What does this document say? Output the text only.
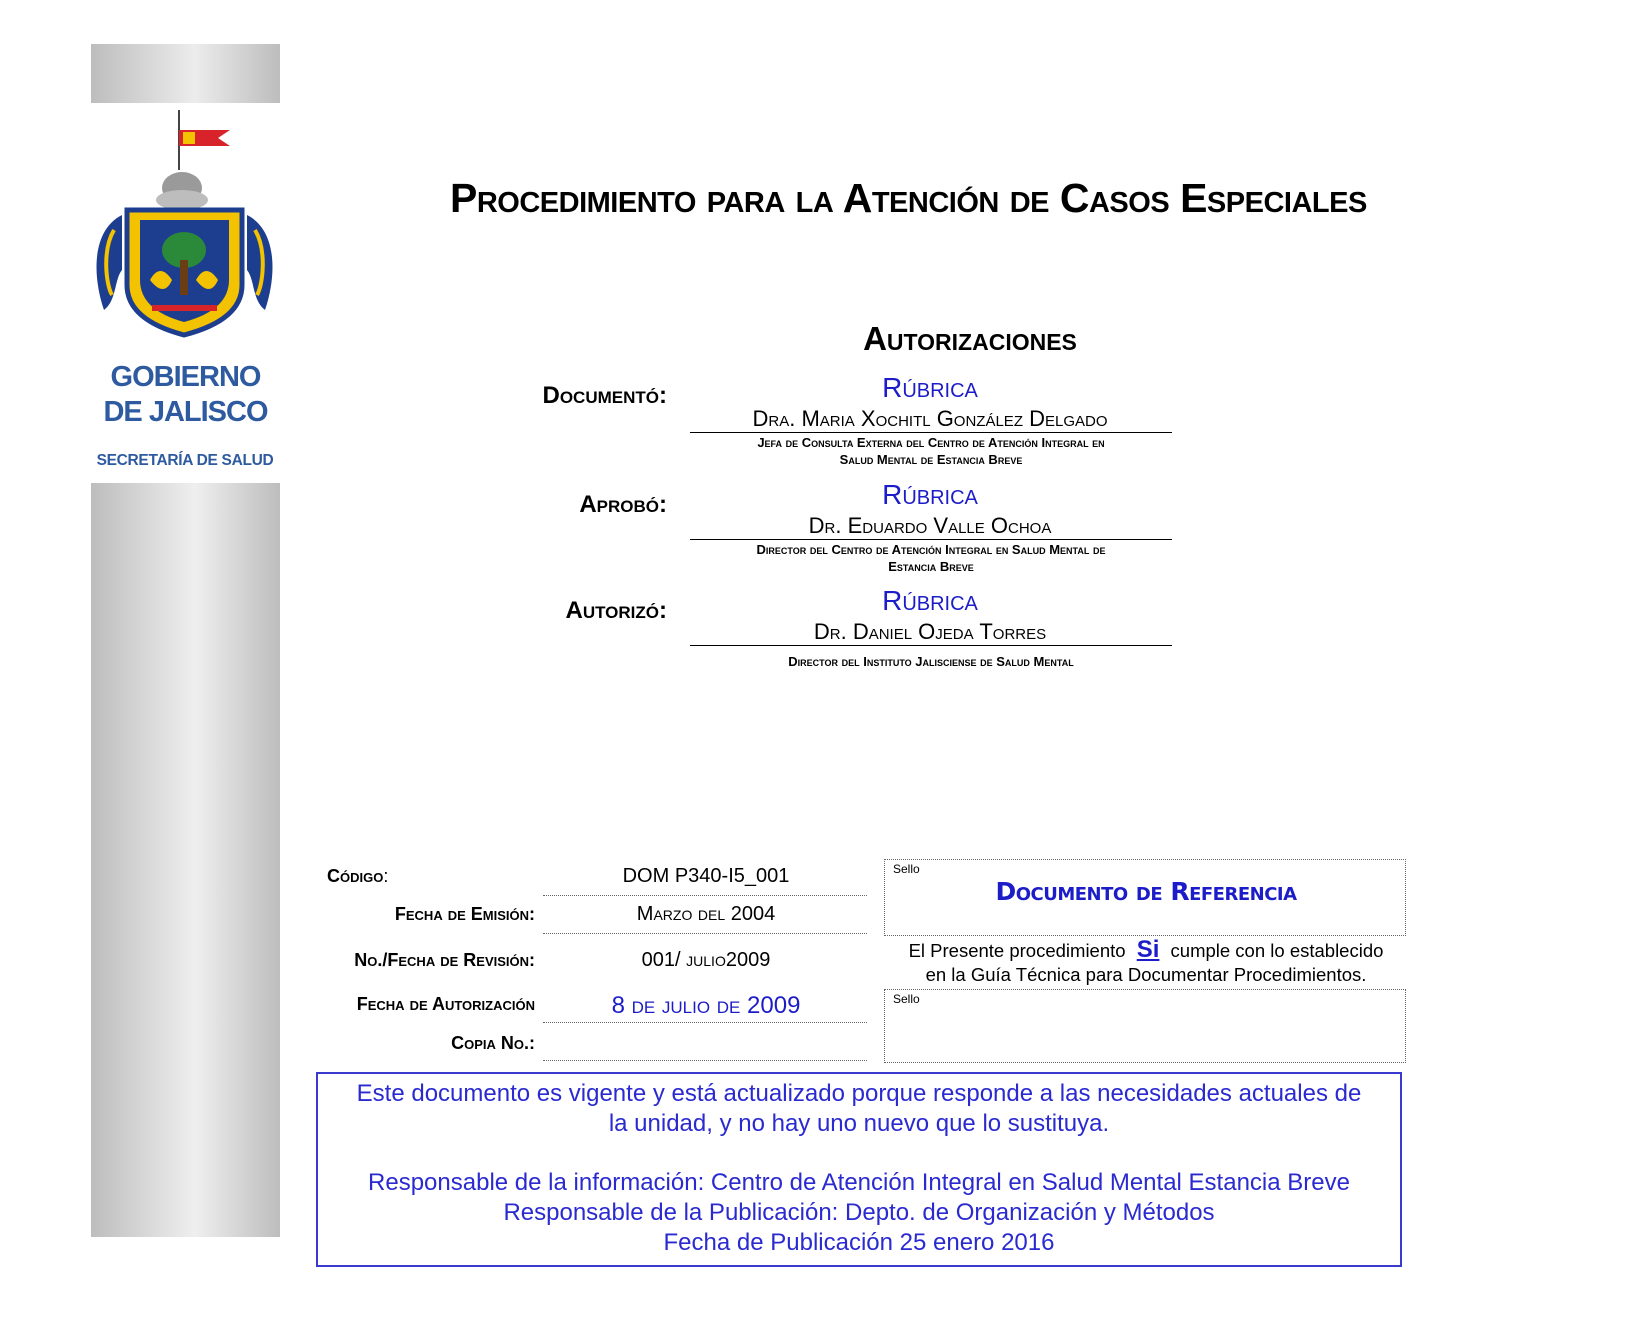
GOBIERNO
DE JALISCO
SECRETARÍA DE SALUD
Procedimiento para la Atención de Casos Especiales
Autorizaciones
Documentó:	Rúbrica
Dra. Maria Xochitl González Delgado
Jefa de Consulta Externa del Centro de Atención Integral en
Salud Mental de Estancia Breve
Aprobó:	Rúbrica
Dr. Eduardo Valle Ochoa
Director del Centro de Atención Integral en Salud Mental de
Estancia Breve
Autorizó:	Rúbrica
Dr. Daniel Ojeda Torres
Director del Instituto Jalisciense de Salud Mental
Código:	DOM P340-I5_001
Fecha de Emisión:	Marzo del 2004
No./Fecha de Revisión:	001/ julio2009
Fecha de Autorización	8 de julio de 2009
Copia No.:
Sello
Documento de Referencia
El Presente procedimiento Si cumple con lo establecido
en la Guía Técnica para Documentar Procedimientos.
Sello
Este documento es vigente y está actualizado porque responde a las necesidades actuales de
la unidad, y no hay uno nuevo que lo sustituya.
Responsable de la información: Centro de Atención Integral en Salud Mental Estancia Breve
Responsable de la Publicación: Depto. de Organización y Métodos
Fecha de Publicación 25 enero 2016
